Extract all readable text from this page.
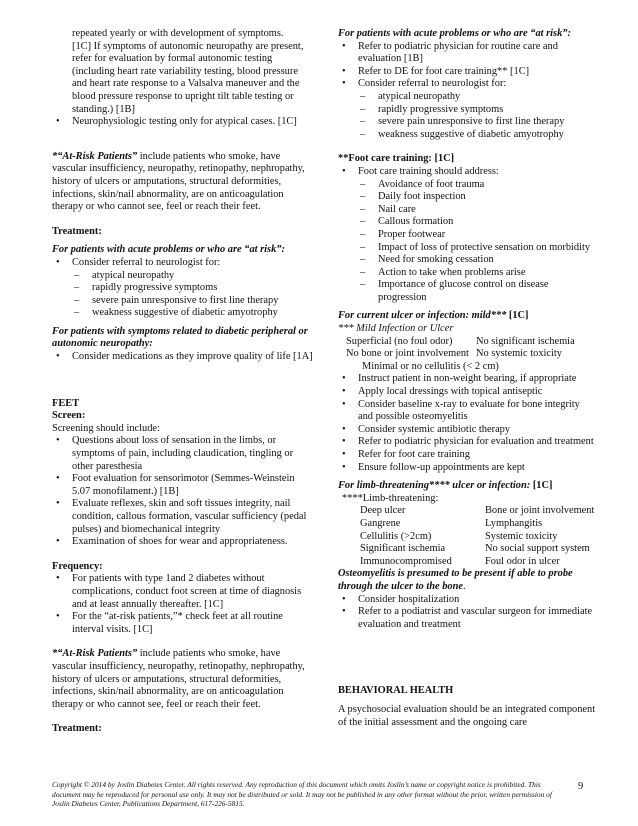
repeated yearly or with development of symptoms.

[1C] If symptoms of autonomic neuropathy are present, refer for evaluation by formal autonomic testing (including heart rate variability testing, blood pressure and heart rate response to a Valsalva maneuver and the blood pressure response to upright tilt table testing or standing.) [1B]

• Neurophysiologic testing only for atypical cases. [1C]

*“At-Risk Patients” include patients who smoke, have vascular insufficiency, neuropathy, retinopathy, nephropathy, history of ulcers or amputations, structural deformities, infections, skin/nail abnormality, are on anticoagulation therapy or who cannot see, feel or reach their feet.

Treatment:

For patients with acute problems or who are “at risk”:

• Consider referral to neurologist for:
– atypical neuropathy
– rapidly progressive symptoms
– severe pain unresponsive to first line therapy
– weakness suggestive of diabetic amyotrophy

For patients with symptoms related to diabetic peripheral or autonomic neuropathy:

• Consider medications as they improve quality of life [1A]

FEET

Screen:

Screening should include:

• Questions about loss of sensation in the limbs, or symptoms of pain, including claudication, tingling or other paresthesia
• Foot evaluation for sensorimotor (Semmes-Weinstein 5.07 monofilament.) [1B]
• Evaluate reflexes, skin and soft tissues integrity, nail condition, callous formation, vascular sufficiency (pedal pulses) and biomechanical integrity
• Examination of shoes for wear and appropriateness.

Frequency:

• For patients with type 1and 2 diabetes without complications, conduct foot screen at time of diagnosis and at least annually thereafter. [1C]
• For the “at-risk patients,”* check feet at all routine interval visits. [1C]

*“At-Risk Patients” include patients who smoke, have vascular insufficiency, neuropathy, retinopathy, nephropathy, history of ulcers or amputations, structural deformities, infections, skin/nail abnormality, are on anticoagulation therapy or who cannot see, feel or reach their feet.

Treatment:

For patients with acute problems or who are “at risk”:

• Refer to podiatric physician for routine care and evaluation [1B]
• Refer to DE for foot care training** [1C]
• Consider referral to neurologist for:
– atypical neuropathy
– rapidly progressive symptoms
– severe pain unresponsive to first line therapy
– weakness suggestive of diabetic amyotrophy

**Foot care training: [1C]

• Foot care training should address:
– Avoidance of foot trauma
– Daily foot inspection
– Nail care
– Callous formation
– Proper footwear
– Impact of loss of protective sensation on morbidity
– Need for smoking cessation
– Action to take when problems arise
– Importance of glucose control on disease progression

For current ulcer or infection: mild*** [1C]

*** Mild Infection or Ulcer

Superficial (no foul odor)	No significant ischemia
No bone or joint involvement	No systemic toxicity

Minimal or no cellulitis (< 2 cm)

• Instruct patient in non-weight bearing, if appropriate
• Apply local dressings with topical antiseptic
• Consider baseline x-ray to evaluate for bone integrity and possible osteomyelitis
• Consider systemic antibiotic therapy
• Refer to podiatric physician for evaluation and treatment
• Refer for foot care training
• Ensure follow-up appointments are kept

For limb-threatening**** ulcer or infection: [1C]

****Limb-threatening:

Deep ulcer	Bone or joint involvement
Gangrene	Lymphangitis
Cellulitis (>2cm)	Systemic toxicity
Significant ischemia	No social support system
Immunocompromised	Foul odor in ulcer

Osteomyelitis is presumed to be present if able to probe through the ulcer to the bone.

• Consider hospitalization
• Refer to a podiatrist and vascular surgeon for immediate evaluation and treatment

BEHAVIORAL HEALTH

A psychosocial evaluation should be an integrated component of the initial assessment and the ongoing care

Copyright © 2014 by Joslin Diabetes Center. All rights reserved. Any reproduction of this document which omits Joslin’s name or copyright notice is prohibited. This document may be reproduced for personal use only. It may not be distributed or sold. It may not be published in any other format without the prior, written permission of Joslin Diabetes Center, Publications Department, 617-226-5815.
9
